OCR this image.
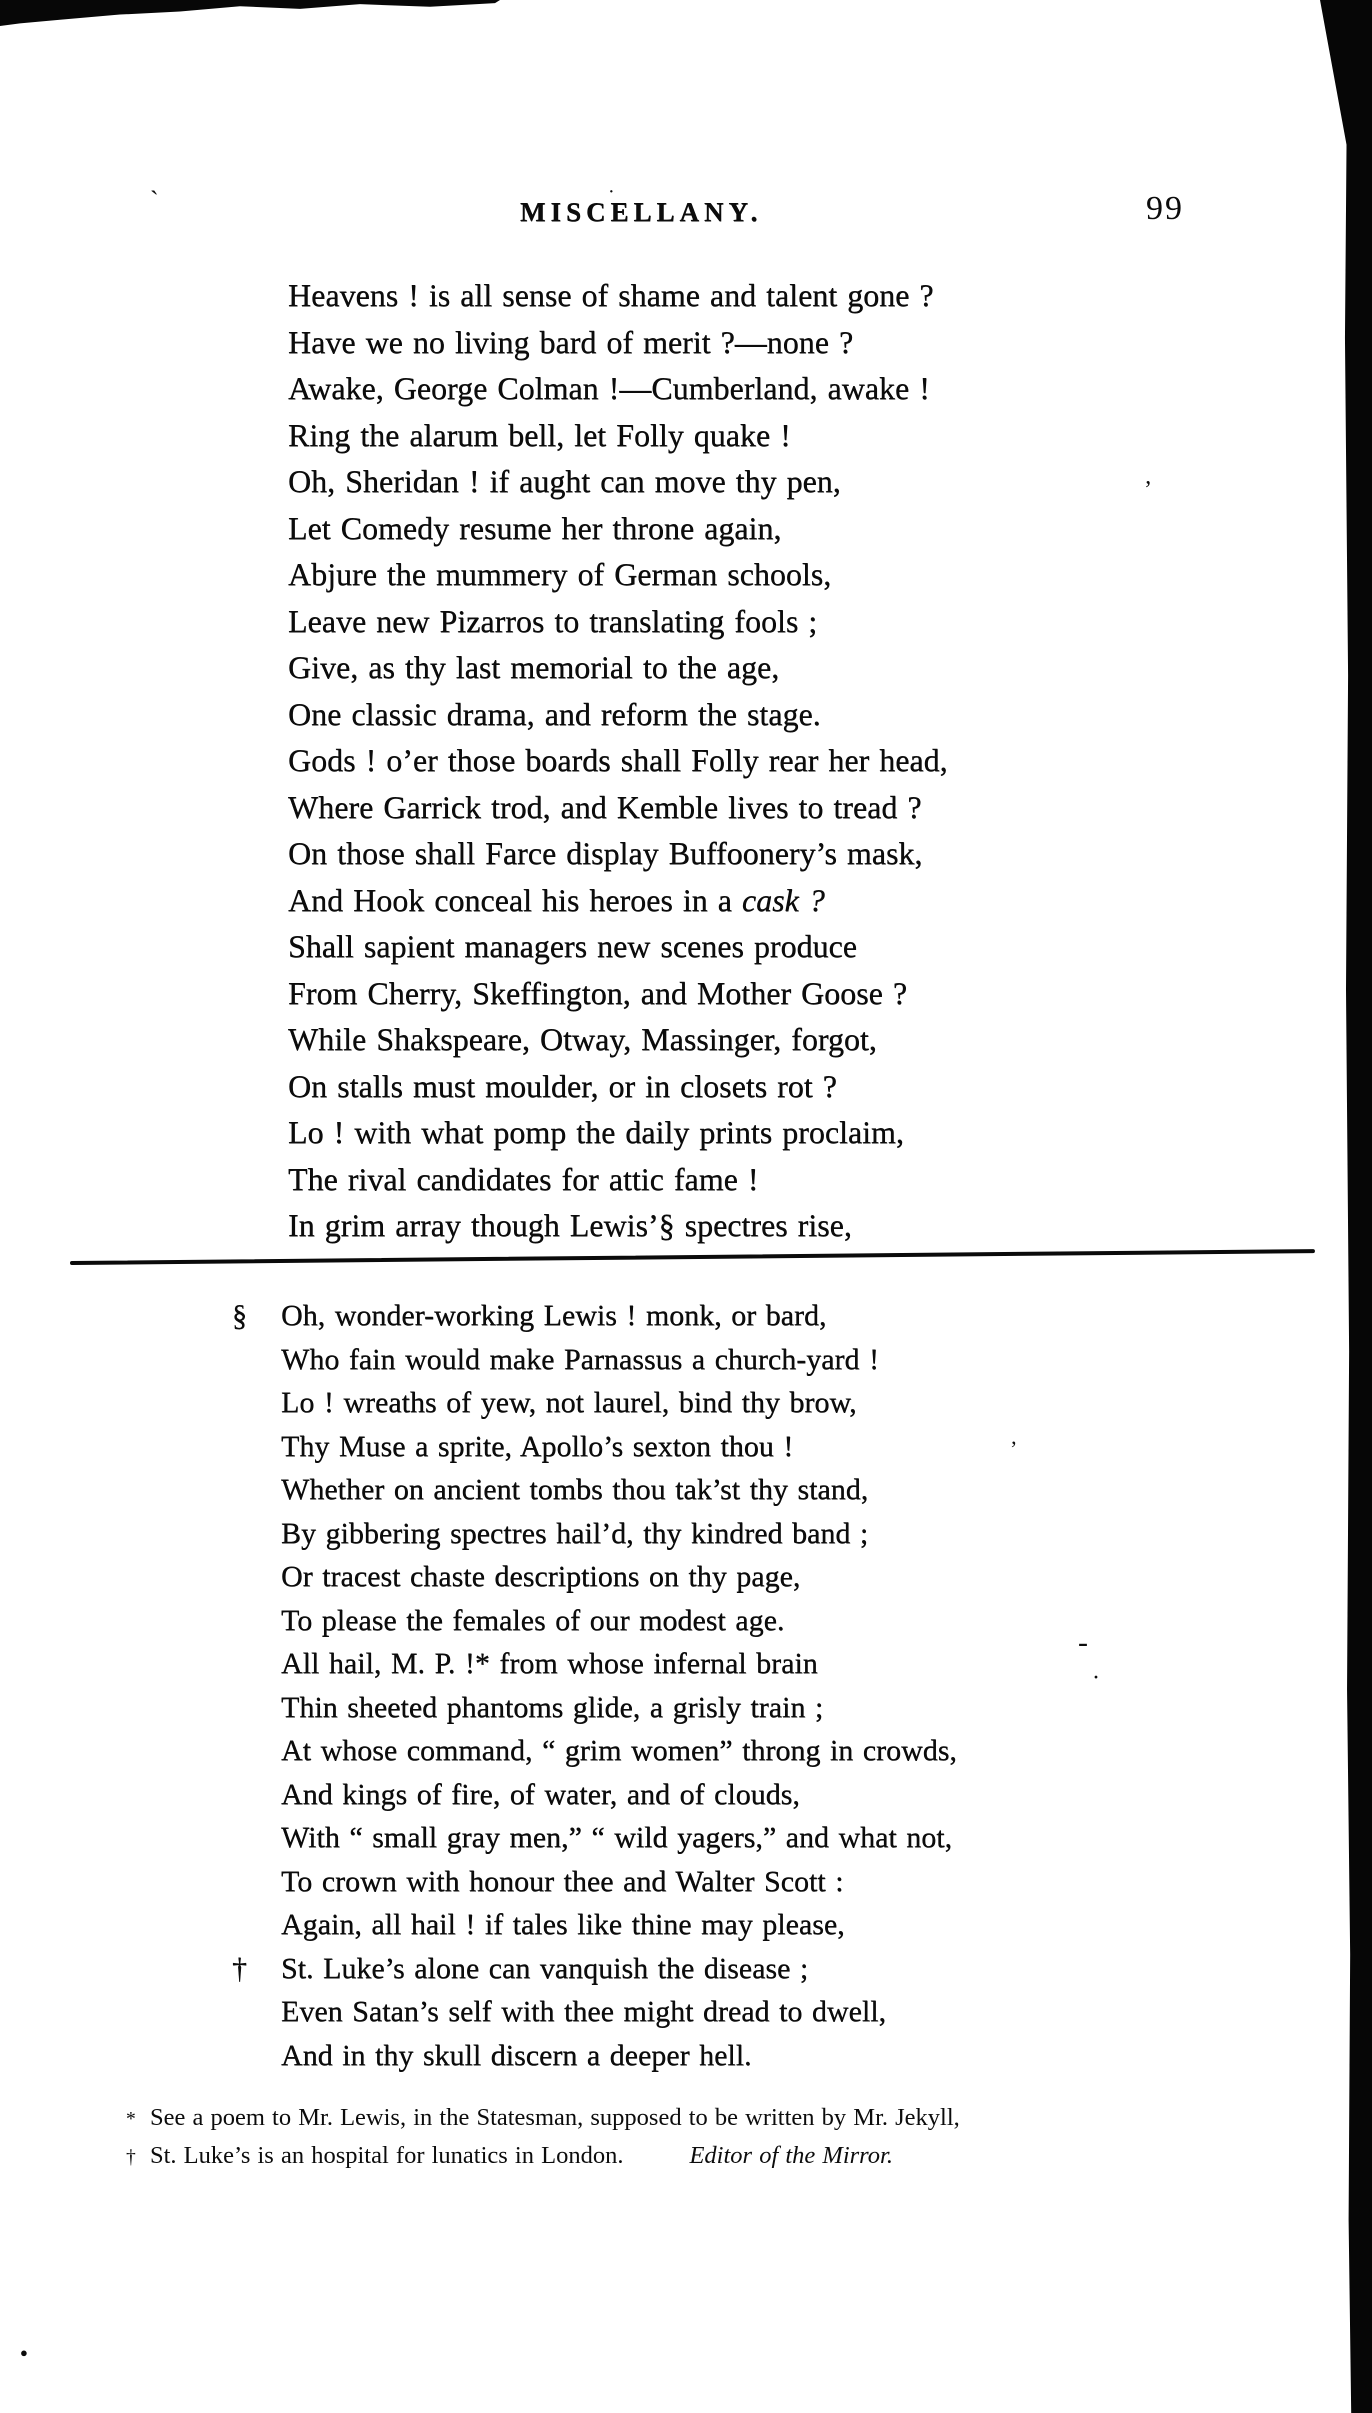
MISCELLANY.	99
Heavens ! is all sense of shame and talent gone ?
Have we no living bard of merit ?—none ?
Awake, George Colman !—Cumberland, awake !
Ring the alarum bell, let Folly quake !
Oh, Sheridan ! if aught can move thy pen,
Let Comedy resume her throne again,
Abjure the mummery of German schools,
Leave new Pizarros to translating fools ;
Give, as thy last memorial to the age,
One classic drama, and reform the stage.
Gods ! o’er those boards shall Folly rear her head,
Where Garrick trod, and Kemble lives to tread ?
On those shall Farce display Buffoonery’s mask,
And Hook conceal his heroes in a cask ?
Shall sapient managers new scenes produce
From Cherry, Skeffington, and Mother Goose ?
While Shakspeare, Otway, Massinger, forgot,
On stalls must moulder, or in closets rot ?
Lo ! with what pomp the daily prints proclaim,
The rival candidates for attic fame !
In grim array though Lewis’§ spectres rise,
§ Oh, wonder-working Lewis ! monk, or bard,
Who fain would make Parnassus a church-yard !
Lo ! wreaths of yew, not laurel, bind thy brow,
Thy Muse a sprite, Apollo’s sexton thou !
Whether on ancient tombs thou tak’st thy stand,
By gibbering spectres hail’d, thy kindred band ;
Or tracest chaste descriptions on thy page,
To please the females of our modest age.
All hail, M. P. !* from whose infernal brain
Thin sheeted phantoms glide, a grisly train ;
At whose command, “ grim women” throng in crowds,
And kings of fire, of water, and of clouds,
With “ small gray men,” “ wild yagers,” and what not,
To crown with honour thee and Walter Scott :
Again, all hail ! if tales like thine may please,
† St. Luke’s alone can vanquish the disease ;
Even Satan’s self with thee might dread to dwell,
And in thy skull discern a deeper hell.
* See a poem to Mr. Lewis, in the Statesman, supposed to be written by Mr. Jekyll,
† St. Luke’s is an hospital for lunatics in London.	Editor of the Mirror.
ˏ	·
’
’
-
·
●
